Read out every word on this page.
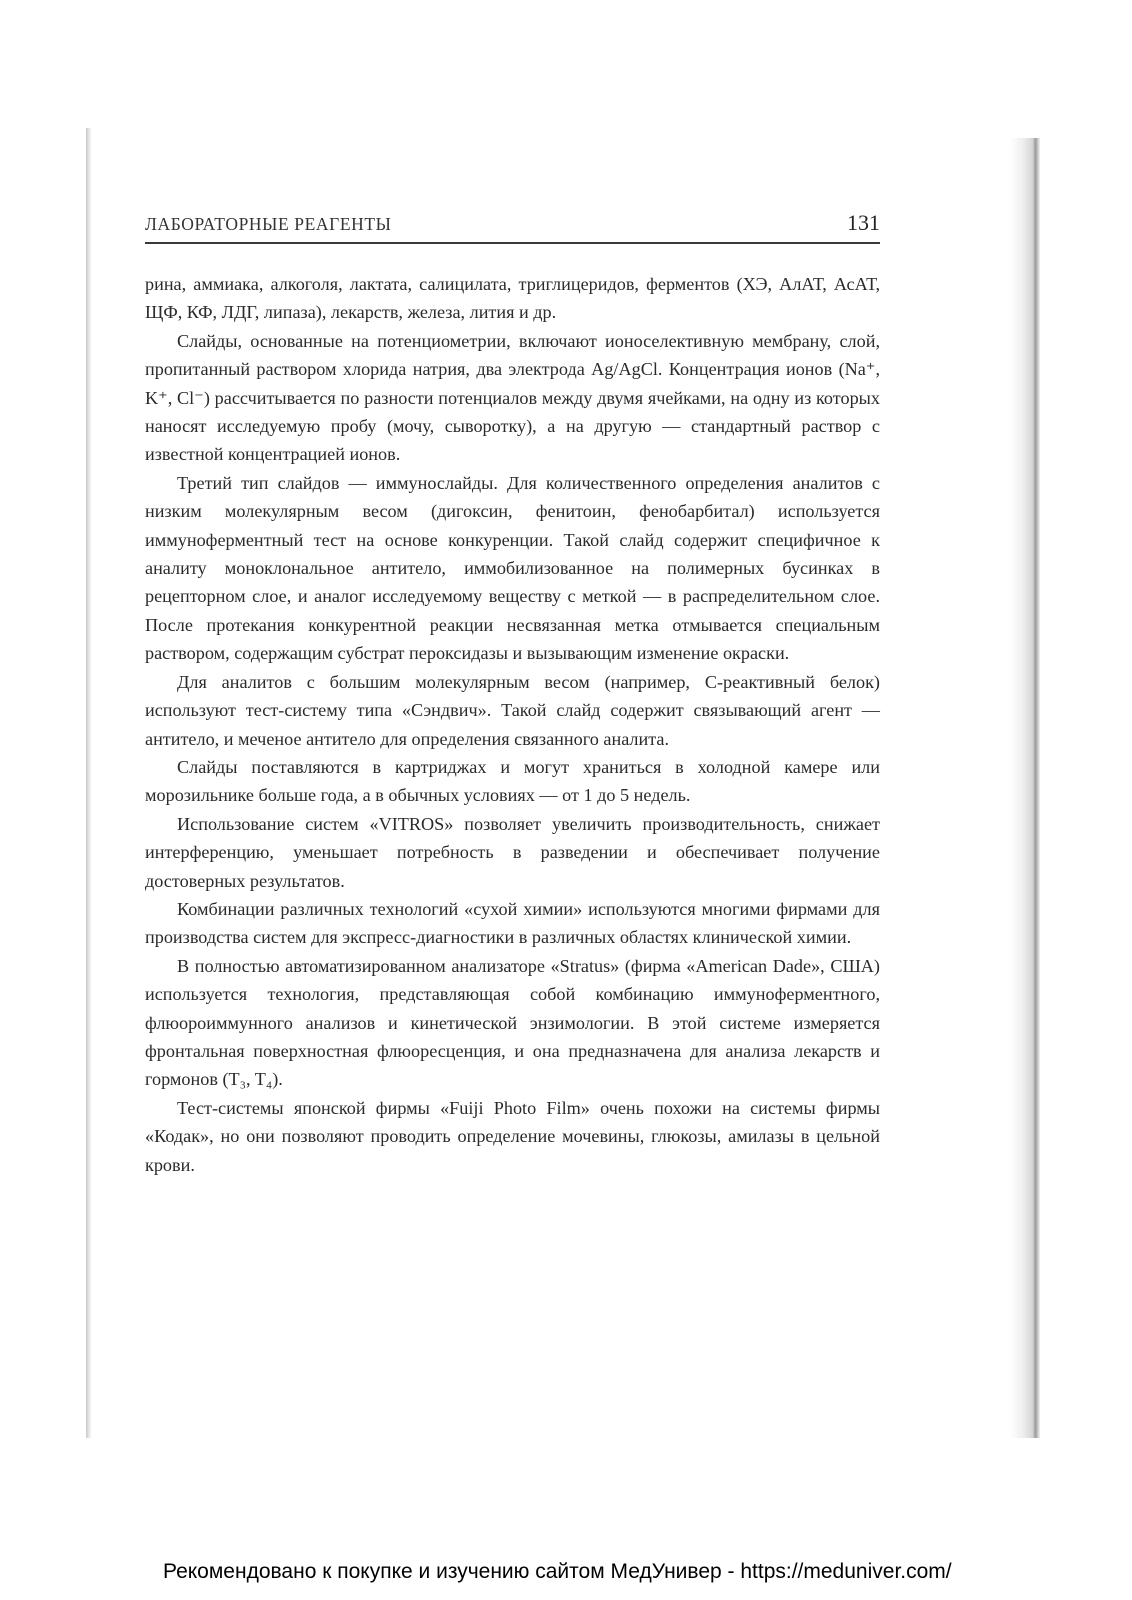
ЛАБОРАТОРНЫЕ РЕАГЕНТЫ	131

рина, аммиака, алкоголя, лактата, салицилата, триглицеридов, ферментов (ХЭ, АлАТ, АсАТ, ЩФ, КФ, ЛДГ, липаза), лекарств, железа, лития и др.

Слайды, основанные на потенциометрии, включают ионоселективную мембрану, слой, пропитанный раствором хлорида натрия, два электрода Ag/AgCl. Концентрация ионов (Na⁺, K⁺, Cl⁻) рассчитывается по разности потенциалов между двумя ячейками, на одну из которых наносят исследуемую пробу (мочу, сыворотку), а на другую — стандартный раствор с известной концентрацией ионов.

Третий тип слайдов — иммунослайды. Для количественного определения аналитов с низким молекулярным весом (дигоксин, фенитоин, фенобарбитал) используется иммуноферментный тест на основе конкуренции. Такой слайд содержит специфичное к аналиту моноклональное антитело, иммобилизованное на полимерных бусинках в рецепторном слое, и аналог исследуемому веществу с меткой — в распределительном слое. После протекания конкурентной реакции несвязанная метка отмывается специальным раствором, содержащим субстрат пероксидазы и вызывающим изменение окраски.

Для аналитов с большим молекулярным весом (например, С-реактивный белок) используют тест-систему типа «Сэндвич». Такой слайд содержит связывающий агент — антитело, и меченое антитело для определения связанного аналита.

Слайды поставляются в картриджах и могут храниться в холодной камере или морозильнике больше года, а в обычных условиях — от 1 до 5 недель.

Использование систем «VITROS» позволяет увеличить производительность, снижает интерференцию, уменьшает потребность в разведении и обеспечивает получение достоверных результатов.

Комбинации различных технологий «сухой химии» используются многими фирмами для производства систем для экспресс-диагностики в различных областях клинической химии.

В полностью автоматизированном анализаторе «Stratus» (фирма «American Dade», США) используется технология, представляющая собой комбинацию иммуноферментного, флюороиммунного анализов и кинетической энзимологии. В этой системе измеряется фронтальная поверхностная флюоресценция, и она предназначена для анализа лекарств и гормонов (T₃, T₄).

Тест-системы японской фирмы «Fuiji Photo Film» очень похожи на системы фирмы «Кодак», но они позволяют проводить определение мочевины, глюкозы, амилазы в цельной крови.

Рекомендовано к покупке и изучению сайтом МедУнивер - https://meduniver.com/
